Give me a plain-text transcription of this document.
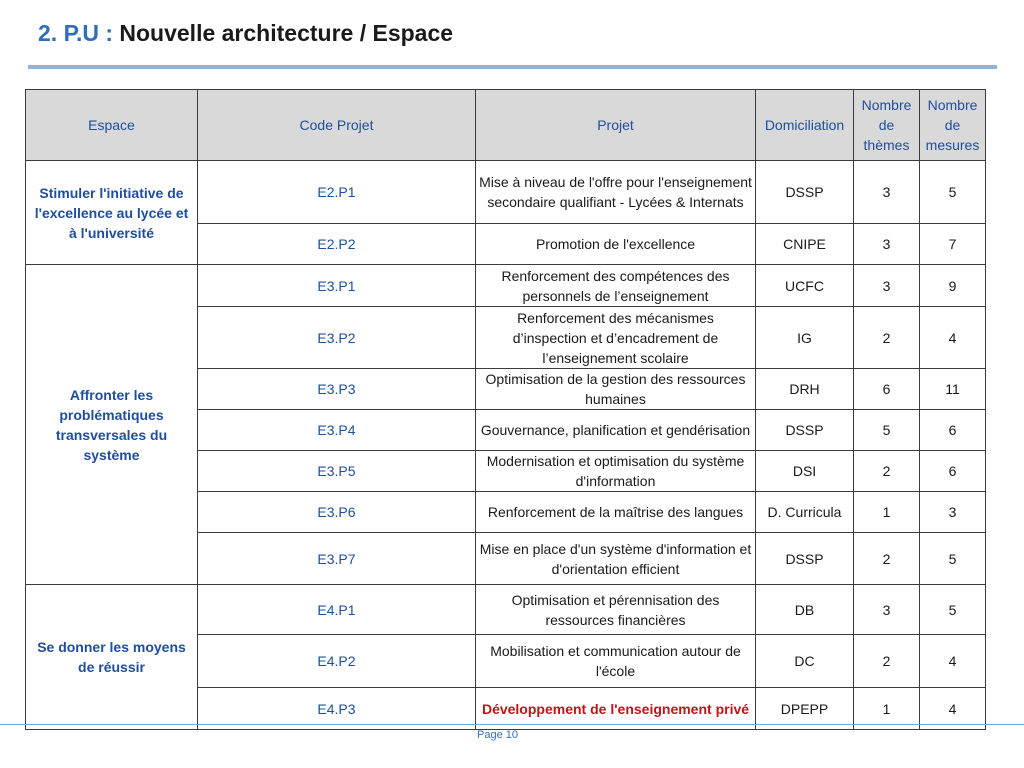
2. P.U : Nouvelle architecture / Espace
Espace	Code Projet	Projet	Domiciliation	Nombre de thèmes	Nombre de mesures
Stimuler l'initiative de l'excellence au lycée et à l'université	E2.P1	Mise à niveau de l'offre pour l'enseignement secondaire qualifiant - Lycées & Internats	DSSP	3	5
	E2.P2	Promotion de l'excellence	CNIPE	3	7
Affronter les problématiques transversales du système	E3.P1	Renforcement des compétences des personnels de l’enseignement	UCFC	3	9
	E3.P2	Renforcement des mécanismes d’inspection et d’encadrement de l’enseignement scolaire	IG	2	4
	E3.P3	Optimisation de la gestion des ressources humaines	DRH	6	11
	E3.P4	Gouvernance, planification et gendérisation	DSSP	5	6
	E3.P5	Modernisation et optimisation du système d'information	DSI	2	6
	E3.P6	Renforcement de la maîtrise des langues	D. Curricula	1	3
	E3.P7	Mise en place d'un système d'information et d'orientation efficient	DSSP	2	5
Se donner les moyens de réussir	E4.P1	Optimisation et pérennisation des ressources financières	DB	3	5
	E4.P2	Mobilisation et communication autour de l'école	DC	2	4
	E4.P3	Développement de l'enseignement privé	DPEPP	1	4
Page 10
